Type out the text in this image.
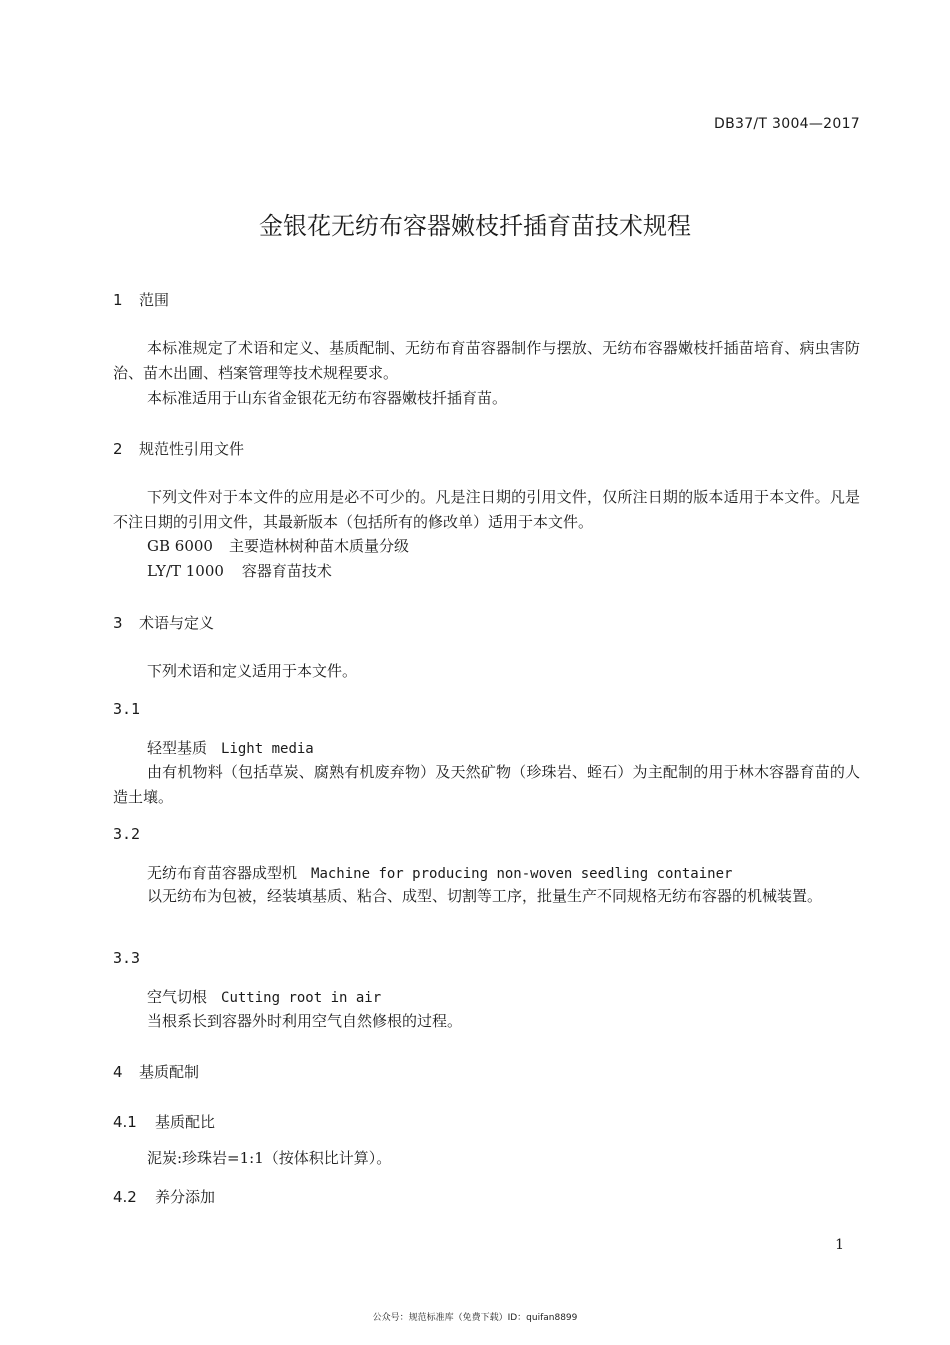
DB37/T 3004—2017
金银花无纺布容器嫩枝扦插育苗技术规程
1 范围
本标准规定了术语和定义、基质配制、无纺布育苗容器制作与摆放、无纺布容器嫩枝扦插苗培育、病虫害防治、苗木出圃、档案管理等技术规程要求。
本标准适用于山东省金银花无纺布容器嫩枝扦插育苗。
2 规范性引用文件
下列文件对于本文件的应用是必不可少的。凡是注日期的引用文件，仅所注日期的版本适用于本文件。凡是不注日期的引用文件，其最新版本（包括所有的修改单）适用于本文件。
GB 6000 主要造林树种苗木质量分级
LY/T 1000 容器育苗技术
3 术语与定义
下列术语和定义适用于本文件。
3.1
轻型基质 Light media
由有机物料（包括草炭、腐熟有机废弃物）及天然矿物（珍珠岩、蛭石）为主配制的用于林木容器育苗的人造土壤。
3.2
无纺布育苗容器成型机 Machine for producing non-woven seedling container
以无纺布为包被，经装填基质、粘合、成型、切割等工序，批量生产不同规格无纺布容器的机械装置。
3.3
空气切根 Cutting root in air
当根系长到容器外时利用空气自然修根的过程。
4 基质配制
4.1 基质配比
泥炭:珍珠岩=1:1（按体积比计算）。
4.2 养分添加
1
公众号：规范标准库（免费下载）ID：quifan8899
